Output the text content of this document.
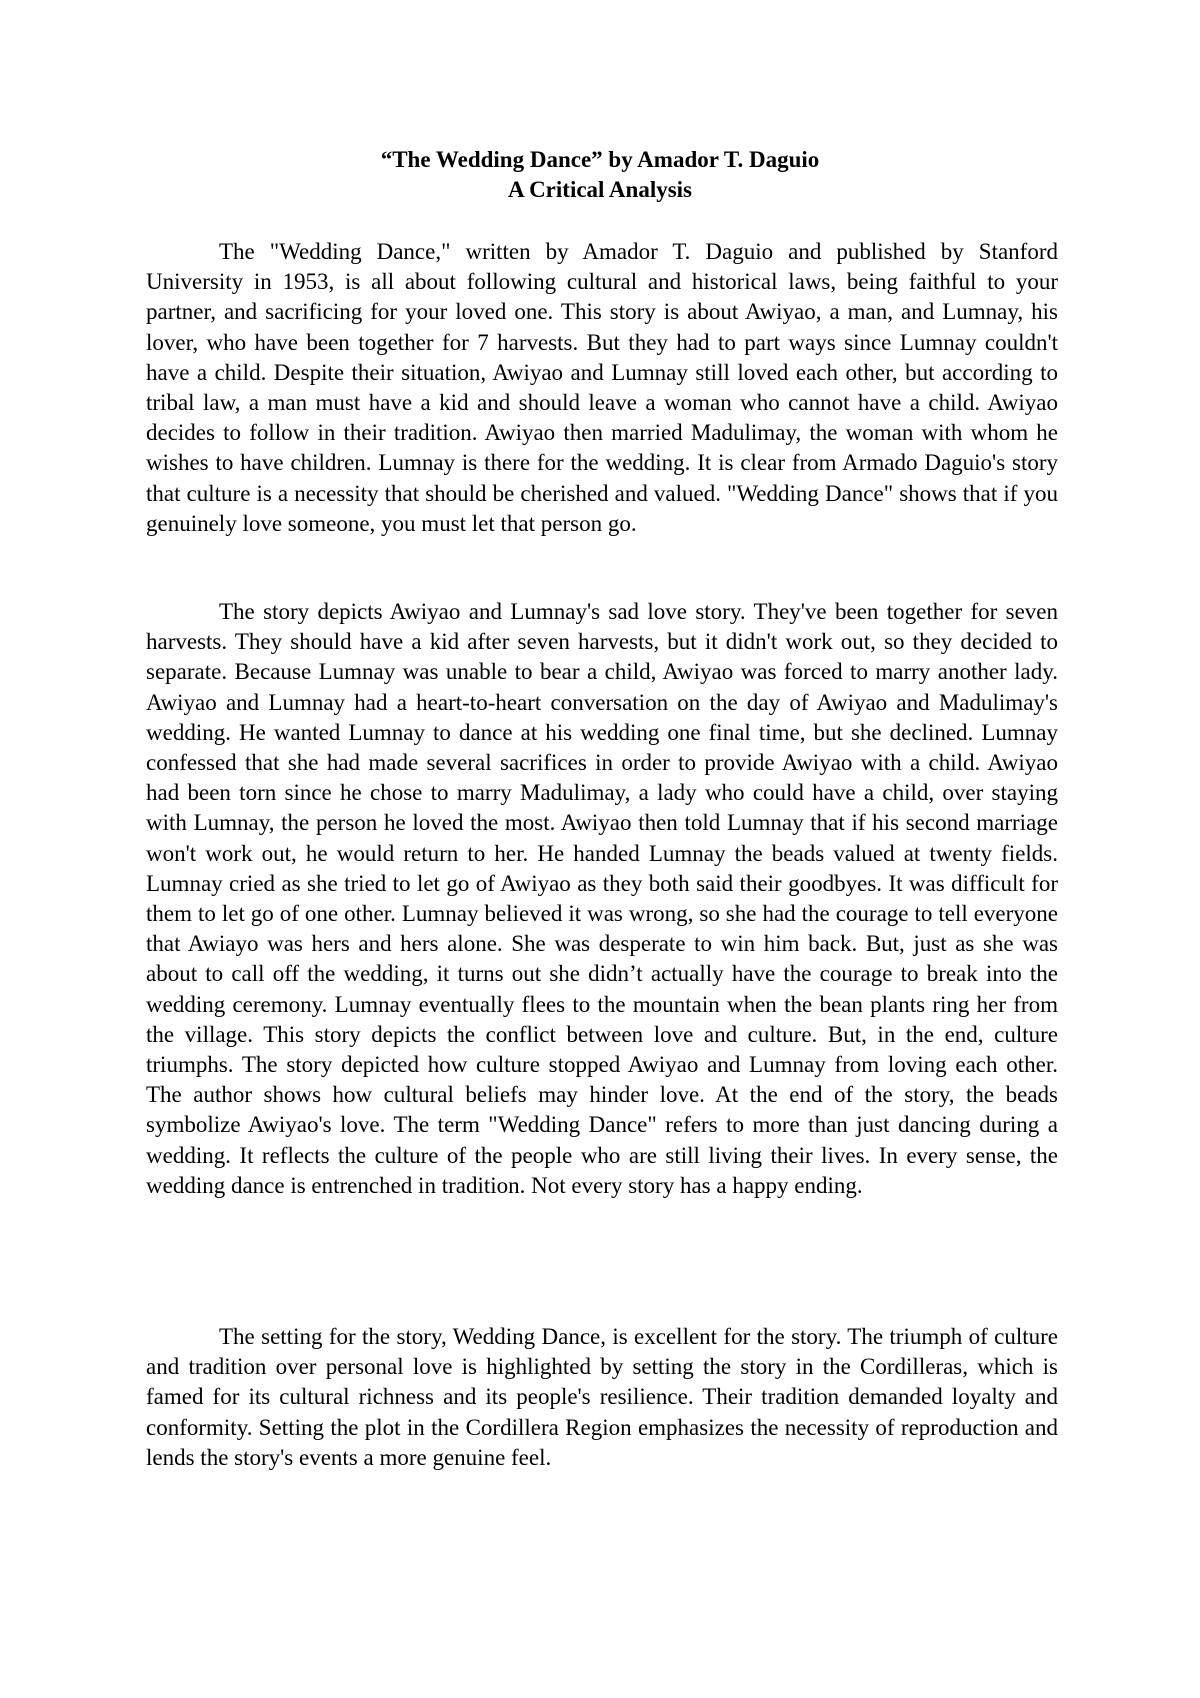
“The Wedding Dance” by Amador T. Daguio
A Critical Analysis

The "Wedding Dance," written by Amador T. Daguio and published by Stanford University in 1953, is all about following cultural and historical laws, being faithful to your partner, and sacrificing for your loved one. This story is about Awiyao, a man, and Lumnay, his lover, who have been together for 7 harvests. But they had to part ways since Lumnay couldn't have a child. Despite their situation, Awiyao and Lumnay still loved each other, but according to tribal law, a man must have a kid and should leave a woman who cannot have a child. Awiyao decides to follow in their tradition. Awiyao then married Madulimay, the woman with whom he wishes to have children. Lumnay is there for the wedding. It is clear from Armado Daguio's story that culture is a necessity that should be cherished and valued. "Wedding Dance" shows that if you genuinely love someone, you must let that person go.

The story depicts Awiyao and Lumnay's sad love story. They've been together for seven harvests. They should have a kid after seven harvests, but it didn't work out, so they decided to separate. Because Lumnay was unable to bear a child, Awiyao was forced to marry another lady. Awiyao and Lumnay had a heart-to-heart conversation on the day of Awiyao and Madulimay's wedding. He wanted Lumnay to dance at his wedding one final time, but she declined. Lumnay confessed that she had made several sacrifices in order to provide Awiyao with a child. Awiyao had been torn since he chose to marry Madulimay, a lady who could have a child, over staying with Lumnay, the person he loved the most. Awiyao then told Lumnay that if his second marriage won't work out, he would return to her. He handed Lumnay the beads valued at twenty fields. Lumnay cried as she tried to let go of Awiyao as they both said their goodbyes. It was difficult for them to let go of one other. Lumnay believed it was wrong, so she had the courage to tell everyone that Awiayo was hers and hers alone. She was desperate to win him back. But, just as she was about to call off the wedding, it turns out she didn’t actually have the courage to break into the wedding ceremony. Lumnay eventually flees to the mountain when the bean plants ring her from the village. This story depicts the conflict between love and culture. But, in the end, culture triumphs. The story depicted how culture stopped Awiyao and Lumnay from loving each other. The author shows how cultural beliefs may hinder love. At the end of the story, the beads symbolize Awiyao's love. The term "Wedding Dance" refers to more than just dancing during a wedding. It reflects the culture of the people who are still living their lives. In every sense, the wedding dance is entrenched in tradition. Not every story has a happy ending.

The setting for the story, Wedding Dance, is excellent for the story. The triumph of culture and tradition over personal love is highlighted by setting the story in the Cordilleras, which is famed for its cultural richness and its people's resilience. Their tradition demanded loyalty and conformity. Setting the plot in the Cordillera Region emphasizes the necessity of reproduction and lends the story's events a more genuine feel.
